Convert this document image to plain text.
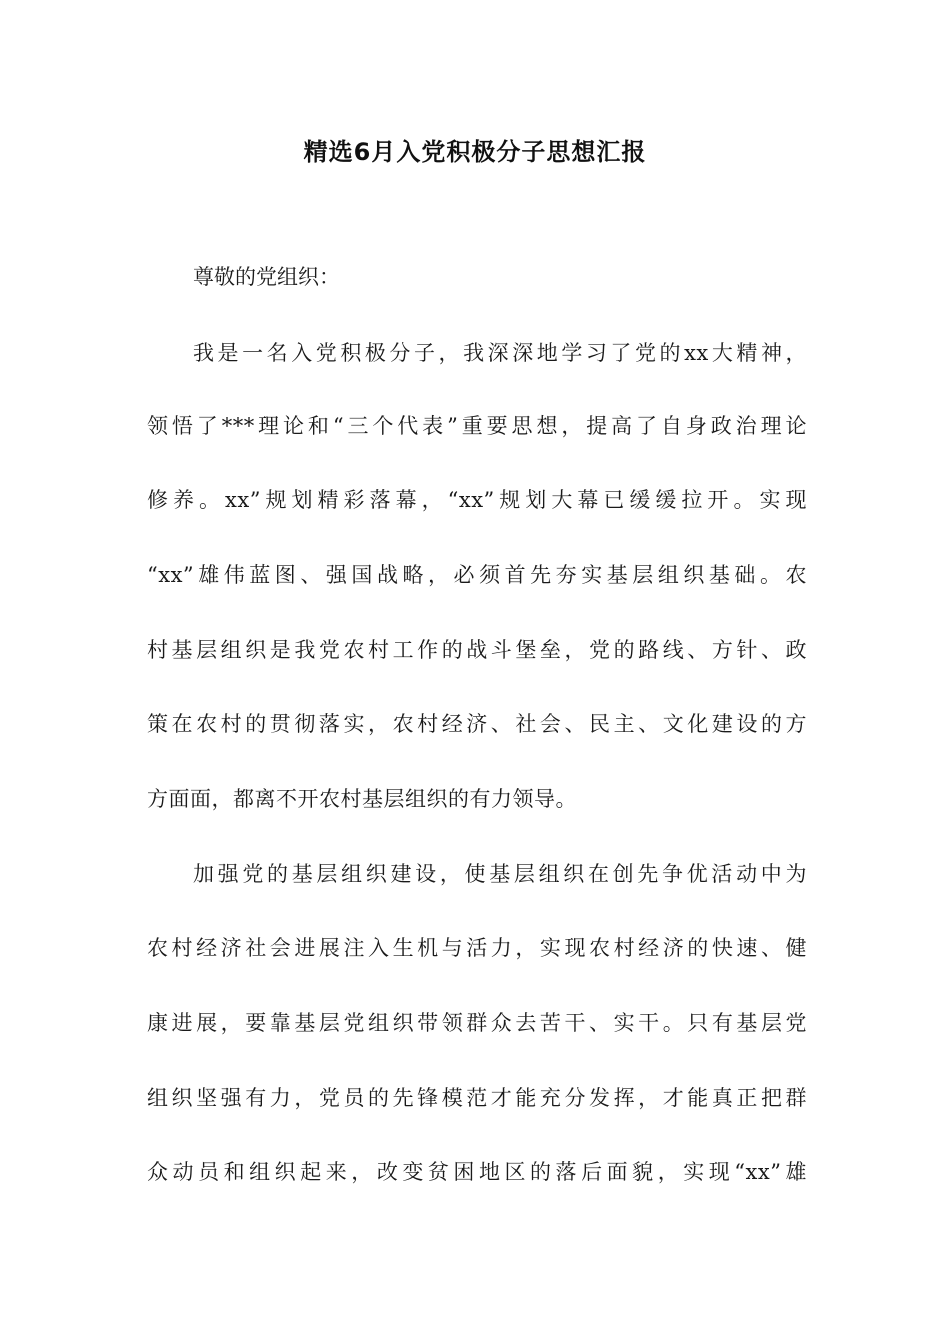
精选6月入党积极分子思想汇报
尊敬的党组织：
我是一名入党积极分子，我深深地学习了党的xx大精神，
领悟了***理论和“三个代表”重要思想，提高了自身政治理论
修养。xx”规划精彩落幕，“xx”规划大幕已缓缓拉开。实现
“xx”雄伟蓝图、强国战略，必须首先夯实基层组织基础。农
村基层组织是我党农村工作的战斗堡垒，党的路线、方针、政
策在农村的贯彻落实，农村经济、社会、民主、文化建设的方
方面面，都离不开农村基层组织的有力领导。
加强党的基层组织建设，使基层组织在创先争优活动中为
农村经济社会进展注入生机与活力，实现农村经济的快速、健
康进展，要靠基层党组织带领群众去苦干、实干。只有基层党
组织坚强有力，党员的先锋模范才能充分发挥，才能真正把群
众动员和组织起来，改变贫困地区的落后面貌，实现“xx”雄
